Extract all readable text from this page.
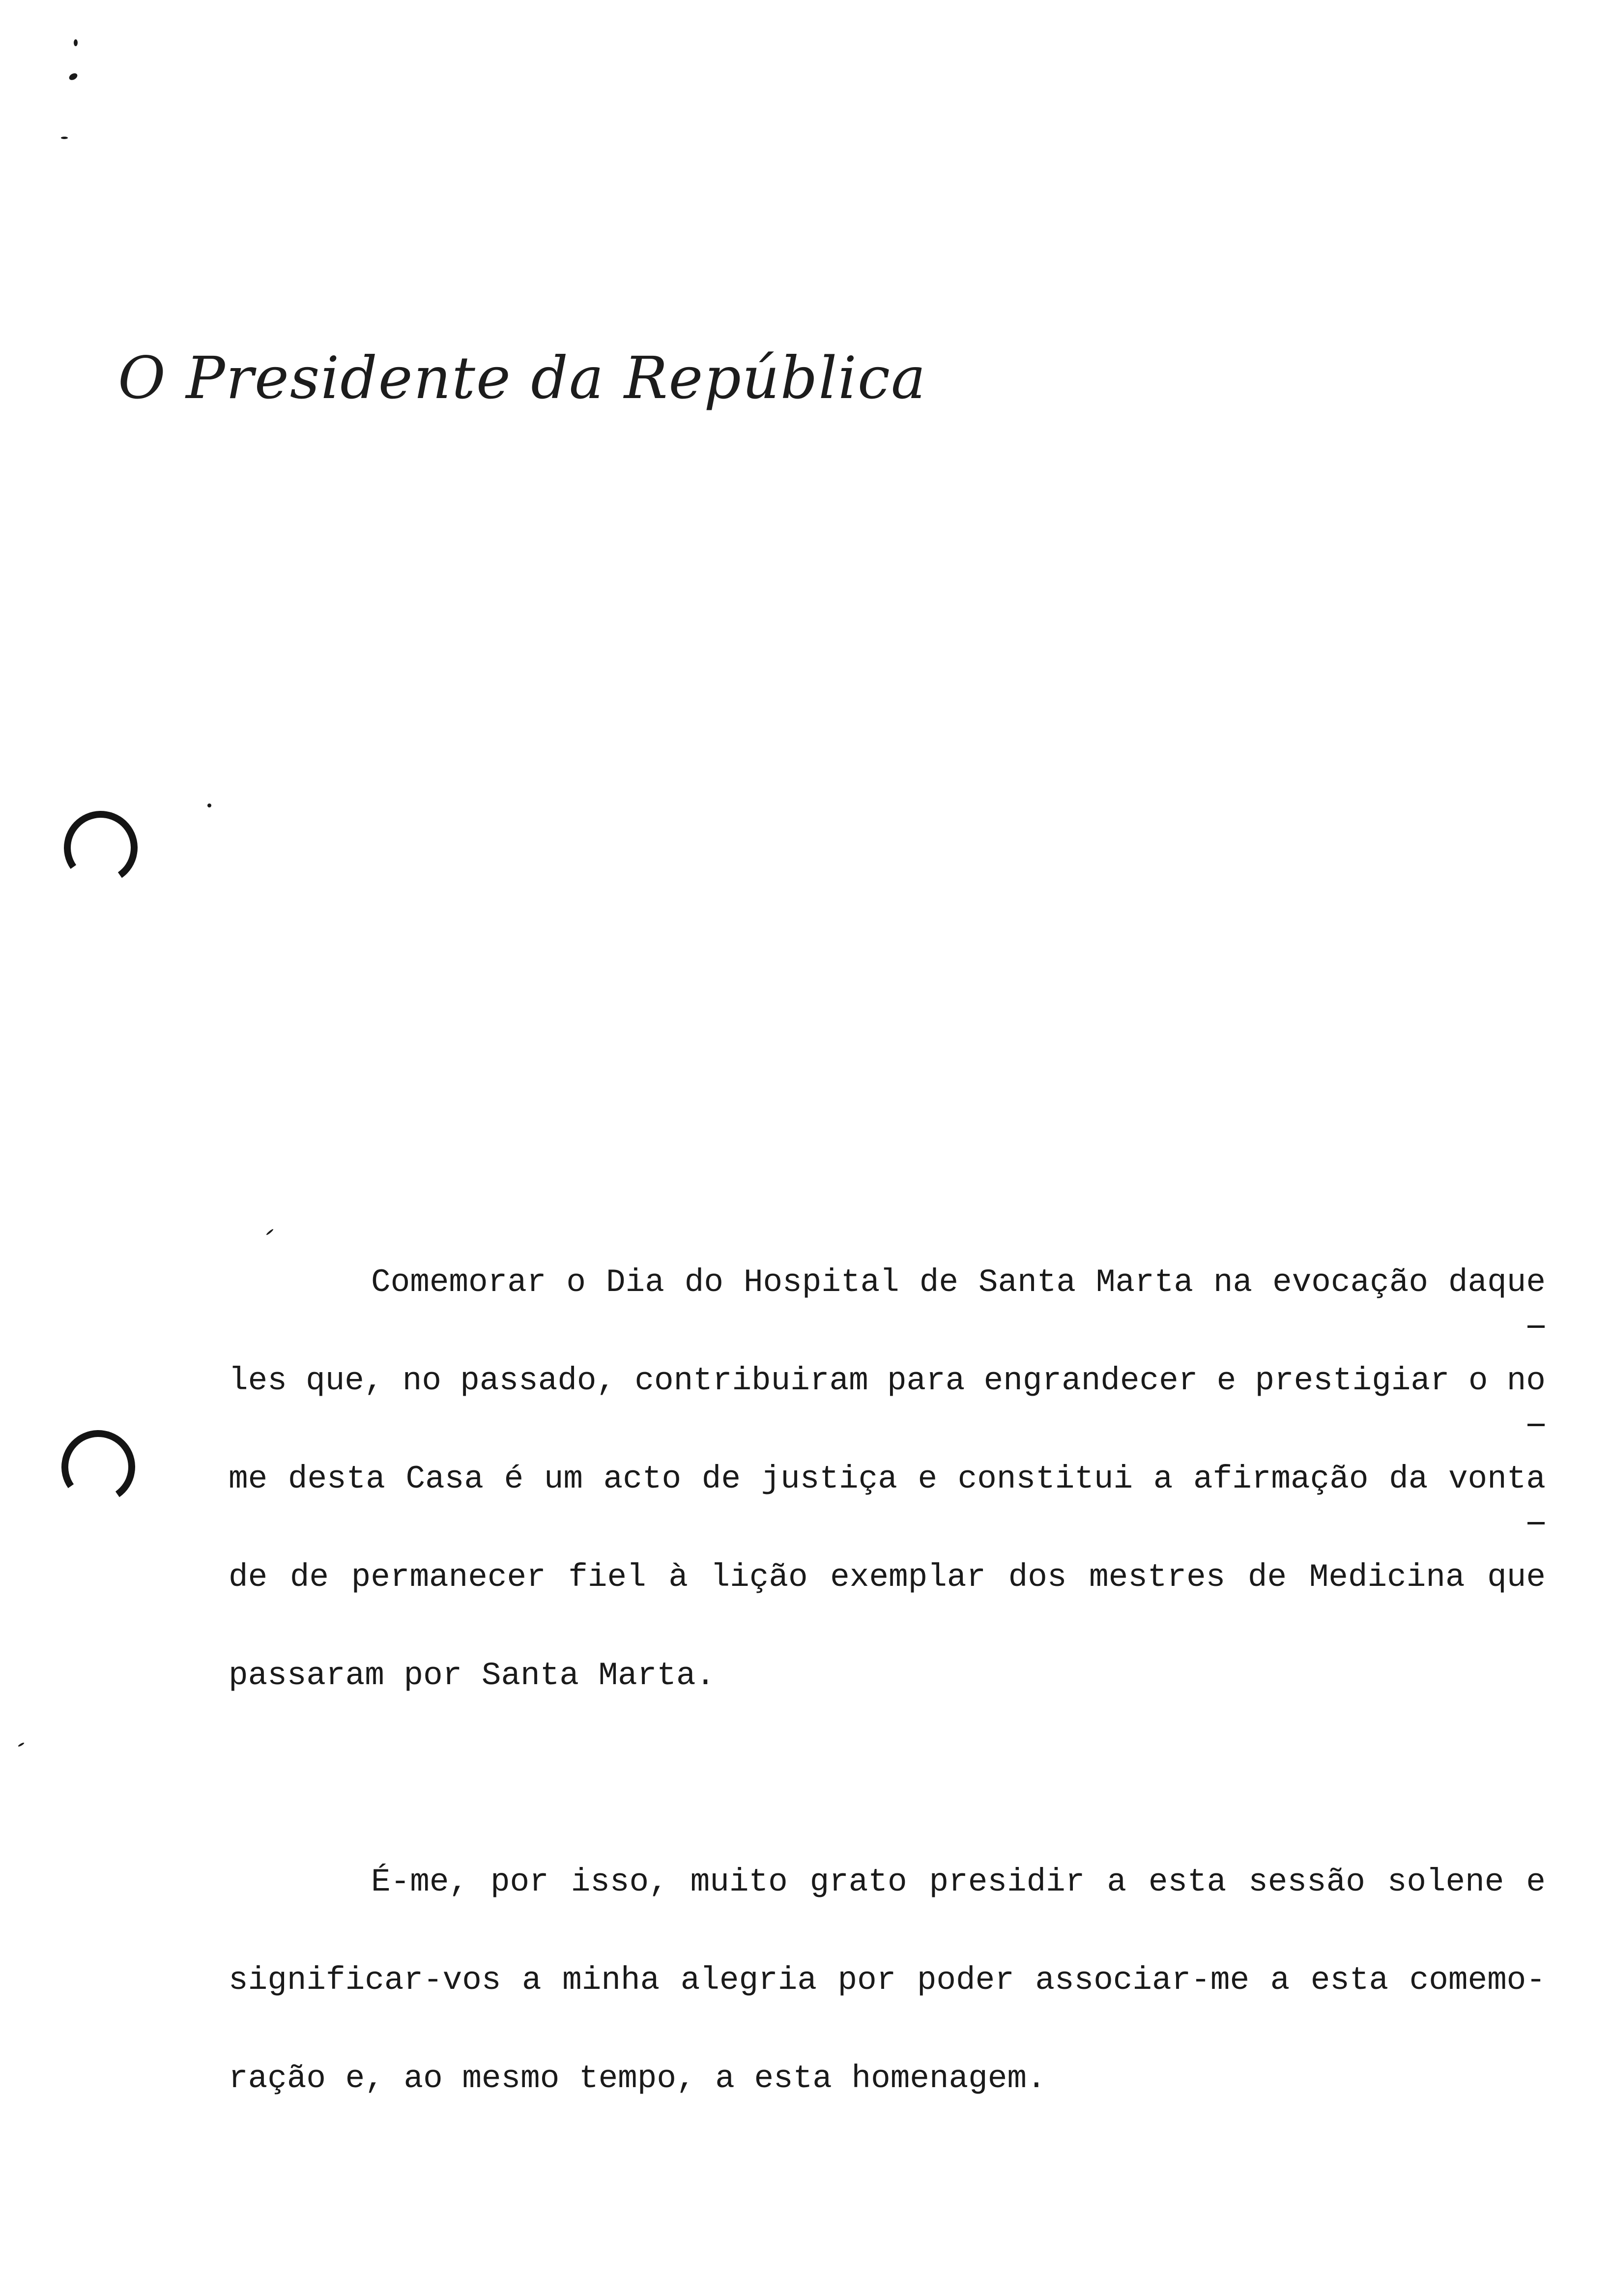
O Presidente da República
Comemorar o Dia do Hospital de Santa Marta na evocação daque
les que, no passado, contribuiram para engrandecer e prestigiar o no
me desta Casa é um acto de justiça e constitui a afirmação da vonta
de de permanecer fiel à lição exemplar dos mestres de Medicina que
passaram
por
Santa
Marta.
É-me, por isso, muito grato presidir a esta sessão solene e
significar-vos a minha alegria por poder associar-me a esta comemo-
ração
e,
ao
mesmo
tempo,
a
esta
homenagem.
